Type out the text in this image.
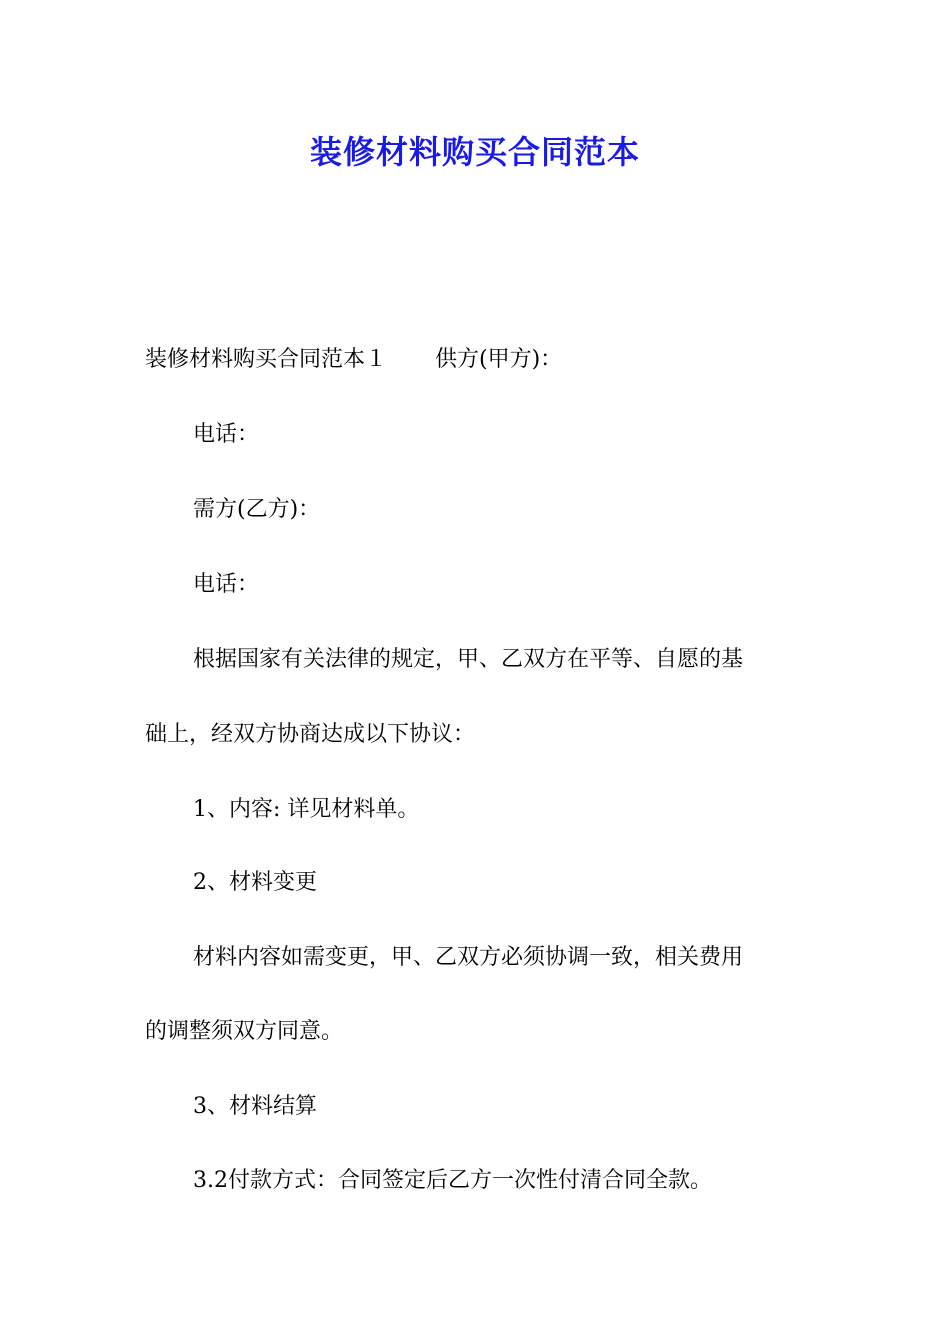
装修材料购买合同范本
装修材料购买合同范本１ 供方(甲方)：
电话：
需方(乙方)：
电话：
根据国家有关法律的规定，甲、乙双方在平等、自愿的基
础上，经双方协商达成以下协议：
1、内容: 详见材料单。
2、材料变更
材料内容如需变更，甲、乙双方必须协调一致，相关费用
的调整须双方同意。
3、材料结算
3.2付款方式：合同签定后乙方一次性付清合同全款。
